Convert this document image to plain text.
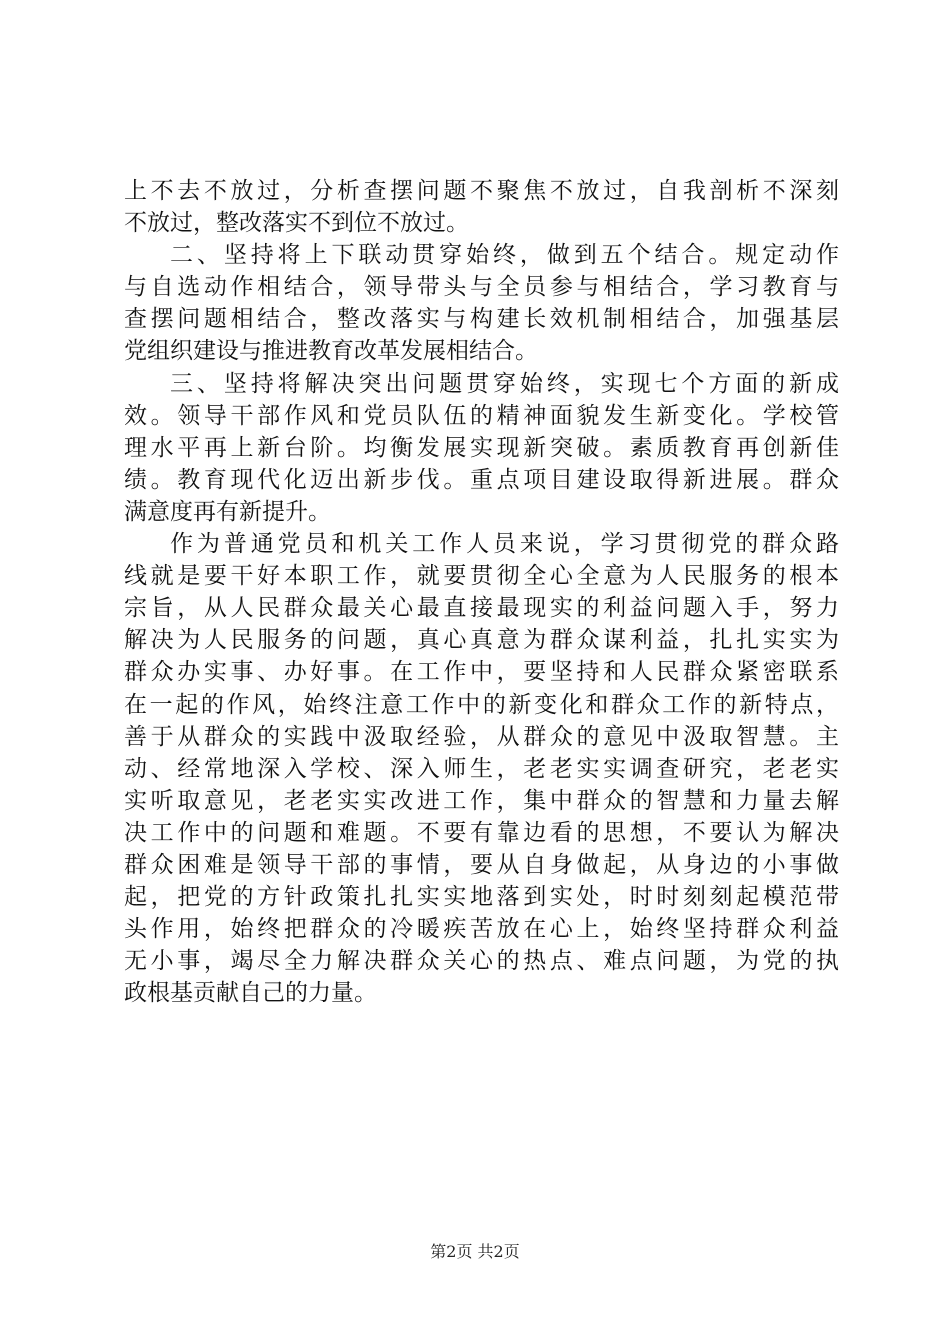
上不去不放过，分析查摆问题不聚焦不放过，自我剖析不深刻
不放过，整改落实不到位不放过。
二、坚持将上下联动贯穿始终，做到五个结合。规定动作
与自选动作相结合，领导带头与全员参与相结合，学习教育与
查摆问题相结合，整改落实与构建长效机制相结合，加强基层
党组织建设与推进教育改革发展相结合。
三、坚持将解决突出问题贯穿始终，实现七个方面的新成
效。领导干部作风和党员队伍的精神面貌发生新变化。学校管
理水平再上新台阶。均衡发展实现新突破。素质教育再创新佳
绩。教育现代化迈出新步伐。重点项目建设取得新进展。群众
满意度再有新提升。
作为普通党员和机关工作人员来说，学习贯彻党的群众路
线就是要干好本职工作，就要贯彻全心全意为人民服务的根本
宗旨，从人民群众最关心最直接最现实的利益问题入手，努力
解决为人民服务的问题，真心真意为群众谋利益，扎扎实实为
群众办实事、办好事。在工作中，要坚持和人民群众紧密联系
在一起的作风，始终注意工作中的新变化和群众工作的新特点，
善于从群众的实践中汲取经验，从群众的意见中汲取智慧。主
动、经常地深入学校、深入师生，老老实实调查研究，老老实
实听取意见，老老实实改进工作，集中群众的智慧和力量去解
决工作中的问题和难题。不要有靠边看的思想，不要认为解决
群众困难是领导干部的事情，要从自身做起，从身边的小事做
起，把党的方针政策扎扎实实地落到实处，时时刻刻起模范带
头作用，始终把群众的冷暖疾苦放在心上，始终坚持群众利益
无小事，竭尽全力解决群众关心的热点、难点问题，为党的执
政根基贡献自己的力量。
第2页 共2页
